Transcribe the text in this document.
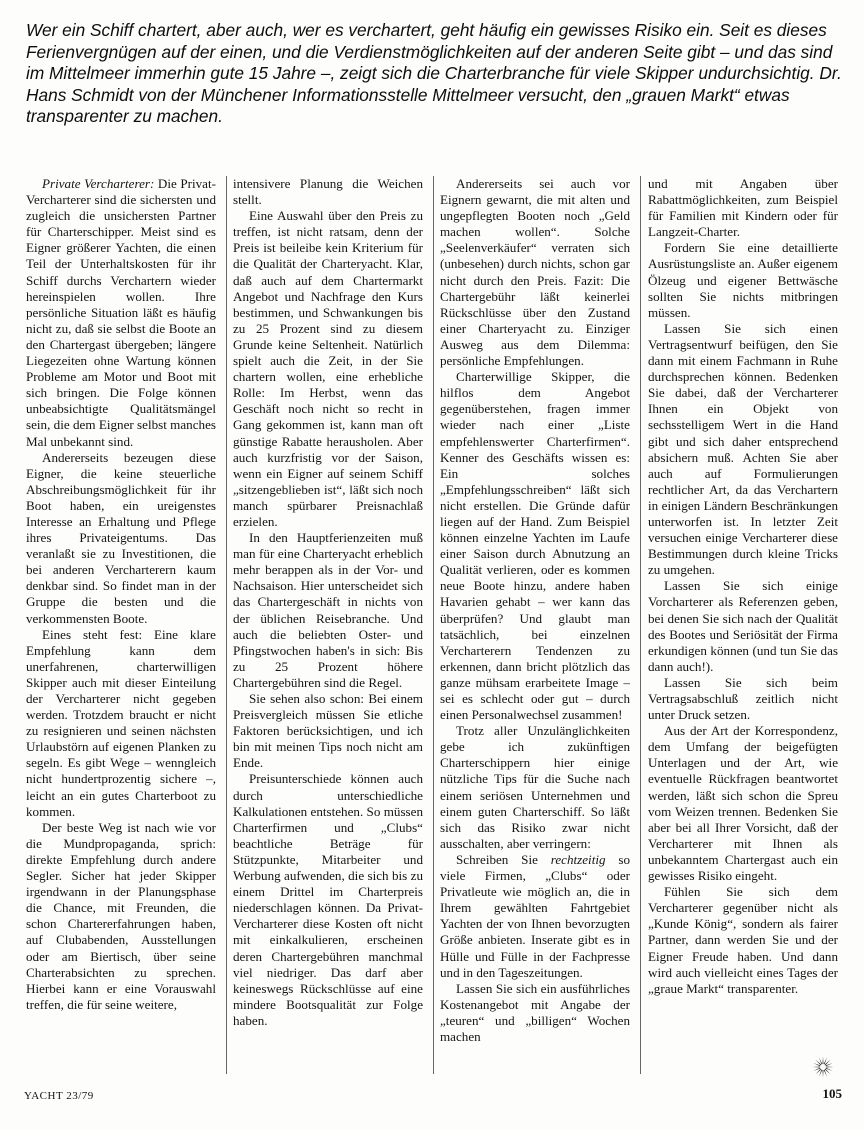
Wer ein Schiff chartert, aber auch, wer es verchartert, geht häufig ein gewisses Risiko ein. Seit es dieses Ferienvergnügen auf der einen, und die Verdienstmöglichkeiten auf der anderen Seite gibt – und das sind im Mittelmeer immerhin gute 15 Jahre –, zeigt sich die Charterbranche für viele Skipper undurchsichtig. Dr. Hans Schmidt von der Münchener Informationsstelle Mittelmeer versucht, den „grauen Markt“ etwas transparenter zu machen.

Private Vercharterer: Die Privat-Vercharterer sind die sichersten und zugleich die unsichersten Partner für Charterschipper. Meist sind es Eigner größerer Yachten, die einen Teil der Unterhaltskosten für ihr Schiff durchs Verchartern wieder hereinspielen wollen. Ihre persönliche Situation läßt es häufig nicht zu, daß sie selbst die Boote an den Chartergast übergeben; längere Liegezeiten ohne Wartung können Probleme am Motor und Boot mit sich bringen. Die Folge können unbeabsichtigte Qualitätsmängel sein, die dem Eigner selbst manches Mal unbekannt sind.

Andererseits bezeugen diese Eigner, die keine steuerliche Abschreibungsmöglichkeit für ihr Boot haben, ein ureigenstes Interesse an Erhaltung und Pflege ihres Privateigentums. Das veranlaßt sie zu Investitionen, die bei anderen Vercharterern kaum denkbar sind. So findet man in der Gruppe die besten und die verkommensten Boote.

Eines steht fest: Eine klare Empfehlung kann dem unerfahrenen, charterwilligen Skipper auch mit dieser Einteilung der Vercharterer nicht gegeben werden. Trotzdem braucht er nicht zu resignieren und seinen nächsten Urlaubstörn auf eigenen Planken zu segeln. Es gibt Wege – wenngleich nicht hundertprozentig sichere –, leicht an ein gutes Charterboot zu kommen.

Der beste Weg ist nach wie vor die Mundpropaganda, sprich: direkte Empfehlung durch andere Segler. Sicher hat jeder Skipper irgendwann in der Planungsphase die Chance, mit Freunden, die schon Chartererfahrungen haben, auf Clubabenden, Ausstellungen oder am Biertisch, über seine Charterabsichten zu sprechen. Hierbei kann er eine Vorauswahl treffen, die für seine weitere,

intensivere Planung die Weichen stellt.

Eine Auswahl über den Preis zu treffen, ist nicht ratsam, denn der Preis ist beileibe kein Kriterium für die Qualität der Charteryacht. Klar, daß auch auf dem Chartermarkt Angebot und Nachfrage den Kurs bestimmen, und Schwankungen bis zu 25 Prozent sind zu diesem Grunde keine Seltenheit. Natürlich spielt auch die Zeit, in der Sie chartern wollen, eine erhebliche Rolle: Im Herbst, wenn das Geschäft noch nicht so recht in Gang gekommen ist, kann man oft günstige Rabatte herausholen. Aber auch kurzfristig vor der Saison, wenn ein Eigner auf seinem Schiff „sitzengeblieben ist“, läßt sich noch manch spürbarer Preisnachlaß erzielen.

In den Hauptferienzeiten muß man für eine Charteryacht erheblich mehr berappen als in der Vor- und Nachsaison. Hier unterscheidet sich das Chartergeschäft in nichts von der üblichen Reisebranche. Und auch die beliebten Oster- und Pfingstwochen haben's in sich: Bis zu 25 Prozent höhere Chartergebühren sind die Regel.

Sie sehen also schon: Bei einem Preisvergleich müssen Sie etliche Faktoren berücksichtigen, und ich bin mit meinen Tips noch nicht am Ende.

Preisunterschiede können auch durch unterschiedliche Kalkulationen entstehen. So müssen Charterfirmen und „Clubs“ beachtliche Beträge für Stützpunkte, Mitarbeiter und Werbung aufwenden, die sich bis zu einem Drittel im Charterpreis niederschlagen können. Da Privat-Vercharterer diese Kosten oft nicht mit einkalkulieren, erscheinen deren Chartergebühren manchmal viel niedriger. Das darf aber keineswegs Rückschlüsse auf eine mindere Bootsqualität zur Folge haben.

Andererseits sei auch vor Eignern gewarnt, die mit alten und ungepflegten Booten noch „Geld machen wollen“. Solche „Seelenverkäufer“ verraten sich (unbesehen) durch nichts, schon gar nicht durch den Preis. Fazit: Die Chartergebühr läßt keinerlei Rückschlüsse über den Zustand einer Charteryacht zu. Einziger Ausweg aus dem Dilemma: persönliche Empfehlungen.

Charterwillige Skipper, die hilflos dem Angebot gegenüberstehen, fragen immer wieder nach einer „Liste empfehlenswerter Charterfirmen“. Kenner des Geschäfts wissen es: Ein solches „Empfehlungsschreiben“ läßt sich nicht erstellen. Die Gründe dafür liegen auf der Hand. Zum Beispiel können einzelne Yachten im Laufe einer Saison durch Abnutzung an Qualität verlieren, oder es kommen neue Boote hinzu, andere haben Havarien gehabt – wer kann das überprüfen? Und glaubt man tatsächlich, bei einzelnen Vercharterern Tendenzen zu erkennen, dann bricht plötzlich das ganze mühsam erarbeitete Image – sei es schlecht oder gut – durch einen Personalwechsel zusammen!

Trotz aller Unzulänglichkeiten gebe ich zukünftigen Charterschippern hier einige nützliche Tips für die Suche nach einem seriösen Unternehmen und einem guten Charterschiff. So läßt sich das Risiko zwar nicht ausschalten, aber verringern:

Schreiben Sie rechtzeitig so viele Firmen, „Clubs“ oder Privatleute wie möglich an, die in Ihrem gewählten Fahrtgebiet Yachten der von Ihnen bevorzugten Größe anbieten. Inserate gibt es in Hülle und Fülle in der Fachpresse und in den Tageszeitungen.

Lassen Sie sich ein ausführliches Kostenangebot mit Angabe der „teuren“ und „billigen“ Wochen machen

und mit Angaben über Rabattmöglichkeiten, zum Beispiel für Familien mit Kindern oder für Langzeit-Charter.

Fordern Sie eine detaillierte Ausrüstungsliste an. Außer eigenem Ölzeug und eigener Bettwäsche sollten Sie nichts mitbringen müssen.

Lassen Sie sich einen Vertragsentwurf beifügen, den Sie dann mit einem Fachmann in Ruhe durchsprechen können. Bedenken Sie dabei, daß der Vercharterer Ihnen ein Objekt von sechsstelligem Wert in die Hand gibt und sich daher entsprechend absichern muß. Achten Sie aber auch auf Formulierungen rechtlicher Art, da das Verchartern in einigen Ländern Beschränkungen unterworfen ist. In letzter Zeit versuchen einige Vercharterer diese Bestimmungen durch kleine Tricks zu umgehen.

Lassen Sie sich einige Vorcharterer als Referenzen geben, bei denen Sie sich nach der Qualität des Bootes und Seriösität der Firma erkundigen können (und tun Sie das dann auch!).

Lassen Sie sich beim Vertragsabschluß zeitlich nicht unter Druck setzen.

Aus der Art der Korrespondenz, dem Umfang der beigefügten Unterlagen und der Art, wie eventuelle Rückfragen beantwortet werden, läßt sich schon die Spreu vom Weizen trennen. Bedenken Sie aber bei all Ihrer Vorsicht, daß der Vercharterer mit Ihnen als unbekanntem Chartergast auch ein gewisses Risiko eingeht.

Fühlen Sie sich dem Vercharterer gegenüber nicht als „Kunde König“, sondern als fairer Partner, dann werden Sie und der Eigner Freude haben. Und dann wird auch vielleicht eines Tages der „graue Markt“ transparenter.

YACHT 23/79	105
